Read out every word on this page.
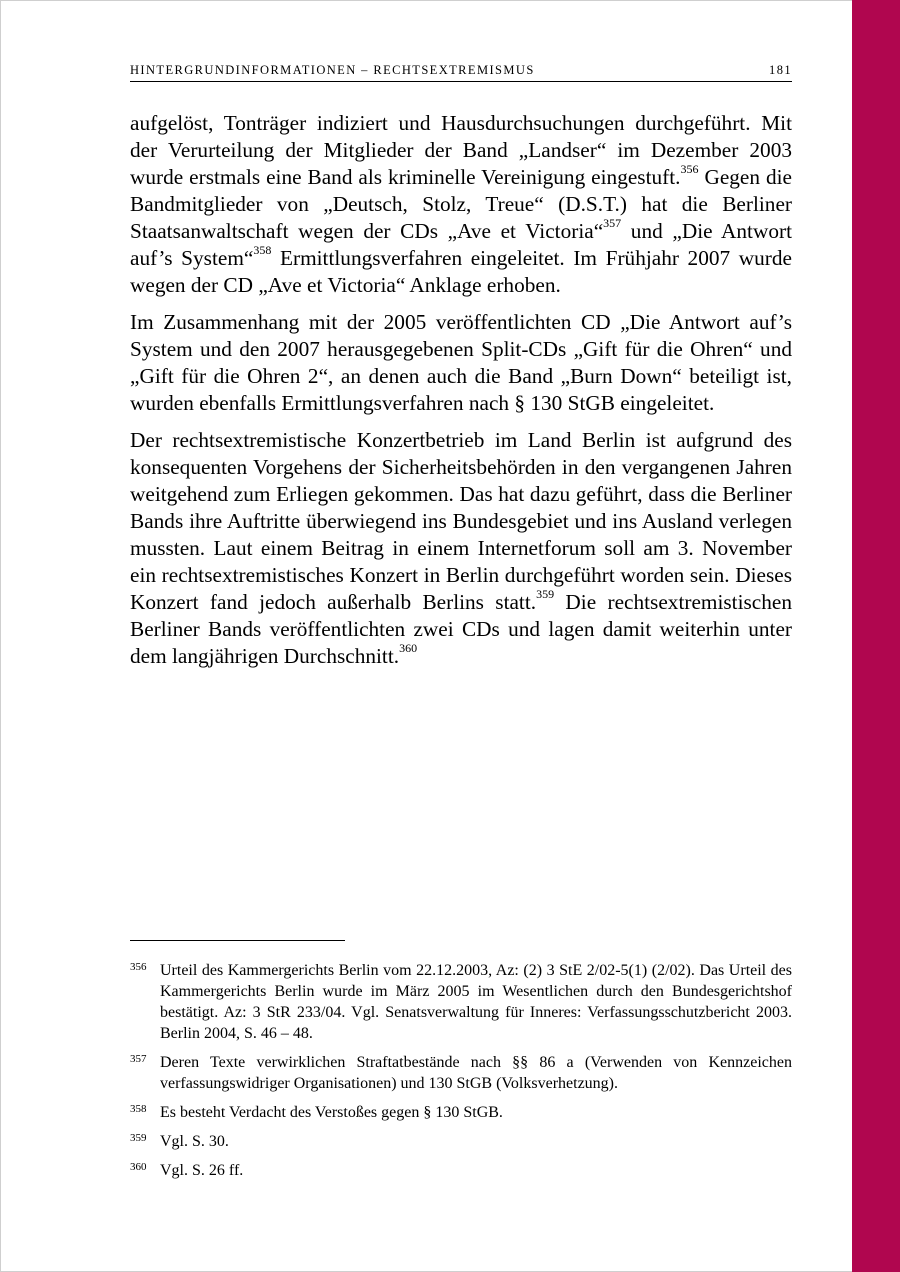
HINTERGRUNDINFORMATIONEN – RECHTSEXTREMISMUS	181

aufgelöst, Tonträger indiziert und Hausdurchsuchungen durchgeführt. Mit der Verurteilung der Mitglieder der Band „Landser“ im Dezember 2003 wurde erstmals eine Band als kriminelle Vereinigung eingestuft.$^{356}$ Gegen die Bandmitglieder von „Deutsch, Stolz, Treue“ (D.S.T.) hat die Berliner Staatsanwaltschaft wegen der CDs „Ave et Victoria“$^{357}$ und „Die Antwort auf’s System“$^{358}$ Ermittlungsverfahren eingeleitet. Im Frühjahr 2007 wurde wegen der CD „Ave et Victoria“ Anklage erhoben.

Im Zusammenhang mit der 2005 veröffentlichten CD „Die Antwort auf’s System und den 2007 herausgegebenen Split-CDs „Gift für die Ohren“ und „Gift für die Ohren 2“, an denen auch die Band „Burn Down“ beteiligt ist, wurden ebenfalls Ermittlungsverfahren nach § 130 StGB eingeleitet.

Der rechtsextremistische Konzertbetrieb im Land Berlin ist aufgrund des konsequenten Vorgehens der Sicherheitsbehörden in den vergangenen Jahren weitgehend zum Erliegen gekommen. Das hat dazu geführt, dass die Berliner Bands ihre Auftritte überwiegend ins Bundesgebiet und ins Ausland verlegen mussten. Laut einem Beitrag in einem Internetforum soll am 3. November ein rechtsextremistisches Konzert in Berlin durchgeführt worden sein. Dieses Konzert fand jedoch außerhalb Berlins statt.$^{359}$ Die rechtsextremistischen Berliner Bands veröffentlichten zwei CDs und lagen damit weiterhin unter dem langjährigen Durchschnitt.$^{360}$

356 Urteil des Kammergerichts Berlin vom 22.12.2003, Az: (2) 3 StE 2/02-5(1) (2/02). Das Urteil des Kammergerichts Berlin wurde im März 2005 im Wesentlichen durch den Bundesgerichtshof bestätigt. Az: 3 StR 233/04. Vgl. Senatsverwaltung für Inneres: Verfassungsschutzbericht 2003. Berlin 2004, S. 46 – 48.
357 Deren Texte verwirklichen Straftatbestände nach §§ 86 a (Verwenden von Kennzeichen verfassungswidriger Organisationen) und 130 StGB (Volksverhetzung).
358 Es besteht Verdacht des Verstoßes gegen § 130 StGB.
359 Vgl. S. 30.
360 Vgl. S. 26 ff.
